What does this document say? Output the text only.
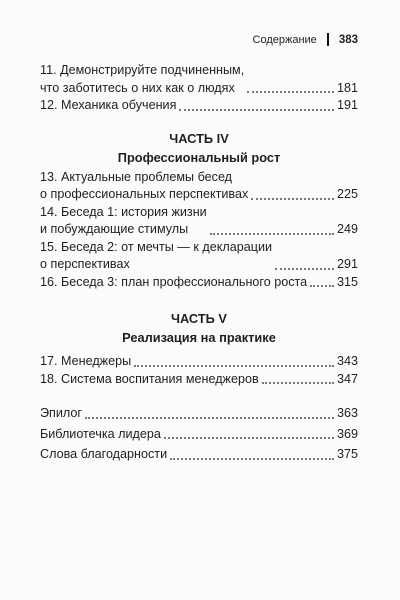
Содержание 383
11. Демонстрируйте подчиненным,
что заботитесь о них как о людях	181
12. Механика обучения	191
ЧАСТЬ IV
Профессиональный рост
13. Актуальные проблемы бесед
о профессиональных перспективах	225
14. Беседа 1: история жизни
и побуждающие стимулы	249
15. Беседа 2: от мечты — к декларации
о перспективах	291
16. Беседа 3: план профессионального роста 315
ЧАСТЬ V
Реализация на практике
17. Менеджеры	343
18. Система воспитания менеджеров	347
Эпилог	363
Библиотечка лидера	369
Слова благодарности	375
